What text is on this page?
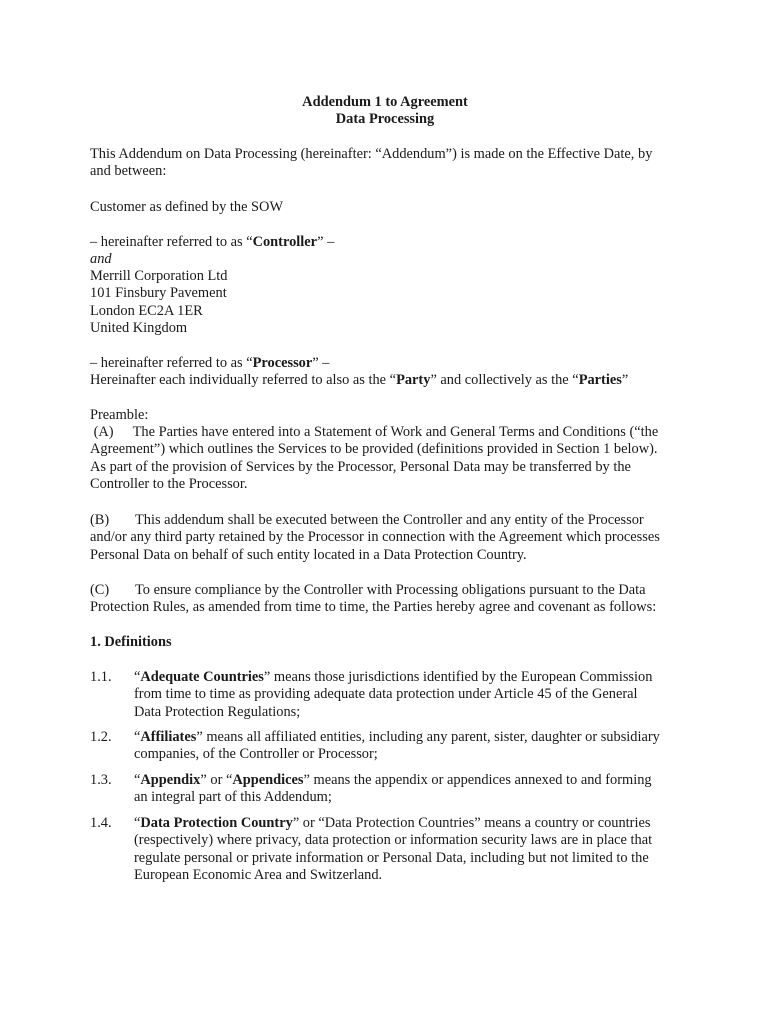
Addendum 1 to Agreement
Data Processing
This Addendum on Data Processing (hereinafter: “Addendum”) is made on the Effective Date, by
and between:
Customer as defined by the SOW
– hereinafter referred to as “Controller” –
and
Merrill Corporation Ltd
101 Finsbury Pavement
London EC2A 1ER
United Kingdom
– hereinafter referred to as “Processor” –
Hereinafter each individually referred to also as the “Party” and collectively as the “Parties”
Preamble:
(A) The Parties have entered into a Statement of Work and General Terms and Conditions (“the
Agreement”) which outlines the Services to be provided (definitions provided in Section 1 below).
As part of the provision of Services by the Processor, Personal Data may be transferred by the
Controller to the Processor.
(B) This addendum shall be executed between the Controller and any entity of the Processor
and/or any third party retained by the Processor in connection with the Agreement which processes
Personal Data on behalf of such entity located in a Data Protection Country.
(C) To ensure compliance by the Controller with Processing obligations pursuant to the Data
Protection Rules, as amended from time to time, the Parties hereby agree and covenant as follows:
1. Definitions
1.1. “Adequate Countries” means those jurisdictions identified by the European Commission
from time to time as providing adequate data protection under Article 45 of the General
Data Protection Regulations;
1.2. “Affiliates” means all affiliated entities, including any parent, sister, daughter or subsidiary
companies, of the Controller or Processor;
1.3. “Appendix” or “Appendices” means the appendix or appendices annexed to and forming
an integral part of this Addendum;
1.4. “Data Protection Country” or “Data Protection Countries” means a country or countries
(respectively) where privacy, data protection or information security laws are in place that
regulate personal or private information or Personal Data, including but not limited to the
European Economic Area and Switzerland.
